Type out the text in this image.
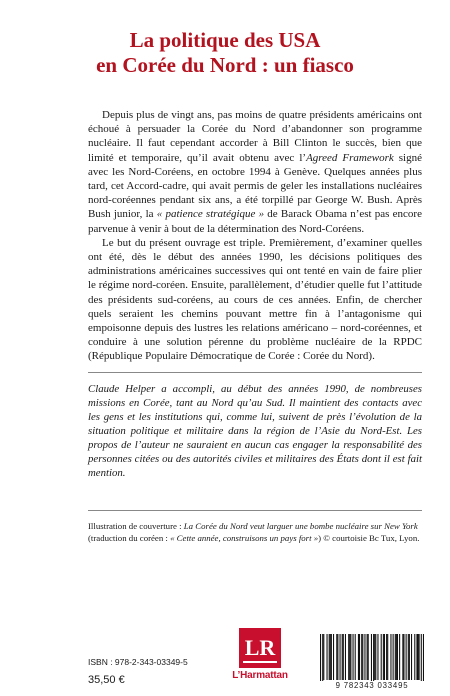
La politique des USA
en Corée du Nord : un fiasco

Depuis plus de vingt ans, pas moins de quatre présidents américains ont échoué à persuader la Corée du Nord d’abandonner son programme nucléaire. Il faut cependant accorder à Bill Clinton le succès, bien que limité et temporaire, qu’il avait obtenu avec l’Agreed Framework signé avec les Nord-Coréens, en octobre 1994 à Genève. Quelques années plus tard, cet Accord-cadre, qui avait permis de geler les installations nucléaires nord-coréennes pendant six ans, a été torpillé par George W. Bush. Après Bush junior, la « patience stratégique » de Barack Obama n’est pas encore parvenue à venir à bout de la détermination des Nord-Coréens.

Le but du présent ouvrage est triple. Premièrement, d’examiner quelles ont été, dès le début des années 1990, les décisions politiques des administrations américaines successives qui ont tenté en vain de faire plier le régime nord-coréen. Ensuite, parallèlement, d’étudier quelle fut l’attitude des présidents sud-coréens, au cours de ces années. Enfin, de chercher quels seraient les chemins pouvant mettre fin à l’antagonisme qui empoisonne depuis des lustres les relations américano – nord-coréennes, et conduire à une solution pérenne du problème nucléaire de la RPDC (République Populaire Démocratique de Corée : Corée du Nord).

Claude Helper a accompli, au début des années 1990, de nombreuses missions en Corée, tant au Nord qu’au Sud. Il maintient des contacts avec les gens et les institutions qui, comme lui, suivent de près l’évolution de la situation politique et militaire dans la région de l’Asie du Nord-Est. Les propos de l’auteur ne sauraient en aucun cas engager la responsabilité des personnes citées ou des autorités civiles et militaires des États dont il est fait mention.
Illustration de couverture : La Corée du Nord veut larguer une bombe nucléaire sur New York (traduction du coréen : « Cette année, construisons un pays fort ») © courtoisie Bc Tux, Lyon.
ISBN : 978-2-343-03349-5
35,50 €
LR
L’Harmattan
9 782343 033495
